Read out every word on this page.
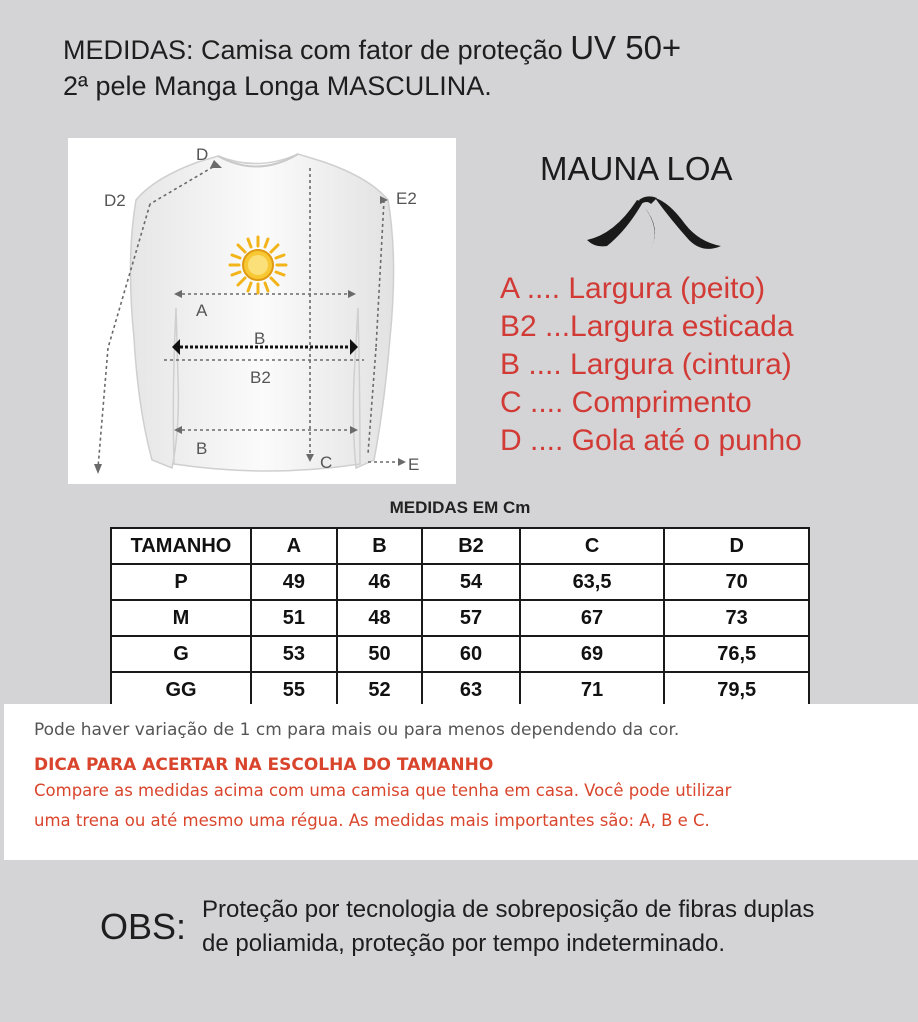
MEDIDAS: Camisa com fator de proteção UV 50+
2ª pele Manga Longa MASCULINA.
D
D2	E2
A
B
B2
B
C	E
MAUNA LOA
A .... Largura (peito)
B2 ...Largura esticada
B .... Largura (cintura)
C .... Comprimento
D .... Gola até o punho
MEDIDAS EM Cm
TAMANHO	A	B	B2	C	D
P	49	46	54	63,5	70
M	51	48	57	67	73
G	53	50	60	69	76,5
GG	55	52	63	71	79,5
Pode haver variação de 1 cm para mais ou para menos dependendo da cor.
DICA PARA ACERTAR NA ESCOLHA DO TAMANHO
Compare as medidas acima com uma camisa que tenha em casa. Você pode utilizar
uma trena ou até mesmo uma régua. As medidas mais importantes são: A, B e C.
OBS: Proteção por tecnologia de sobreposição de fibras duplas
de poliamida, proteção por tempo indeterminado.
